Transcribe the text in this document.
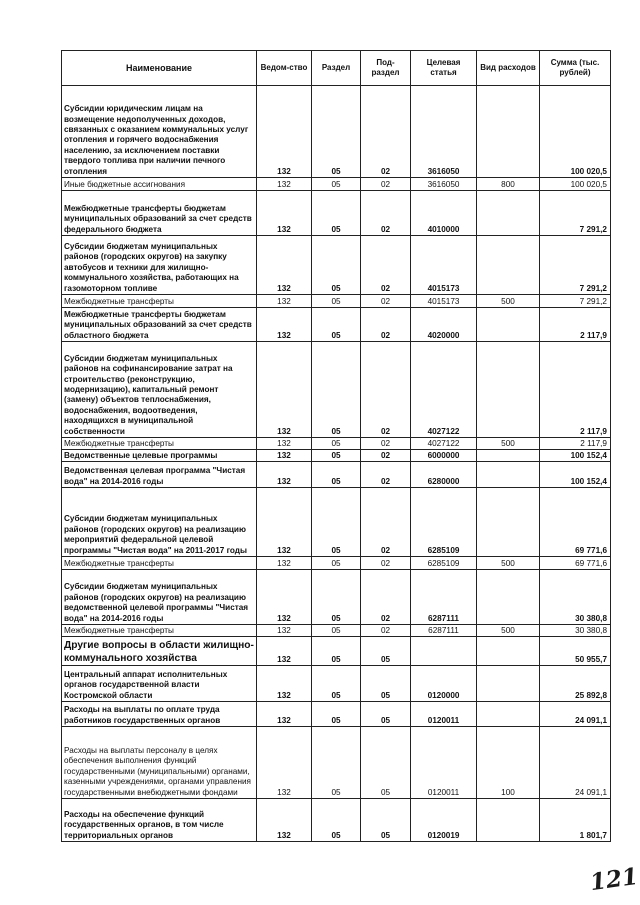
Наименование	Ведом-ство	Раздел	Под-раздел	Целевая статья	Вид расходов	Сумма (тыс. рублей)
Субсидии юридическим лицам на возмещение недополученных доходов, связанных с оказанием коммунальных услуг отопления и горячего водоснабжения населению, за исключением поставки твердого топлива при наличии печного отопления	132	05	02	3616050		100 020,5
Иные бюджетные ассигнования	132	05	02	3616050	800	100 020,5
Межбюджетные трансферты бюджетам муниципальных образований за счет средств федерального бюджета	132	05	02	4010000		7 291,2
Субсидии бюджетам муниципальных районов (городских округов) на закупку автобусов и техники для жилищно-коммунального хозяйства, работающих на газомоторном топливе	132	05	02	4015173		7 291,2
Межбюджетные трансферты	132	05	02	4015173	500	7 291,2
Межбюджетные трансферты бюджетам муниципальных образований за счет средств областного бюджета	132	05	02	4020000		2 117,9
Субсидии бюджетам муниципальных районов на софинансирование затрат на строительство (реконструкцию, модернизацию), капитальный ремонт (замену) объектов теплоснабжения, водоснабжения, водоотведения, находящихся в муниципальной собственности	132	05	02	4027122		2 117,9
Межбюджетные трансферты	132	05	02	4027122	500	2 117,9
Ведомственные целевые программы	132	05	02	6000000		100 152,4
Ведомственная целевая программа "Чистая вода" на 2014-2016 годы	132	05	02	6280000		100 152,4
Субсидии бюджетам муниципальных районов (городских округов) на реализацию мероприятий федеральной целевой программы "Чистая вода" на 2011-2017 годы	132	05	02	6285109		69 771,6
Межбюджетные трансферты	132	05	02	6285109	500	69 771,6
Субсидии бюджетам муниципальных районов (городских округов) на реализацию ведомственной целевой программы "Чистая вода" на 2014-2016 годы	132	05	02	6287111		30 380,8
Межбюджетные трансферты	132	05	02	6287111	500	30 380,8
Другие вопросы в области жилищно-коммунального хозяйства	132	05	05			50 955,7
Центральный аппарат исполнительных органов государственной власти Костромской области	132	05	05	0120000		25 892,8
Расходы на выплаты по оплате труда работников государственных органов	132	05	05	0120011		24 091,1
Расходы на выплаты персоналу в целях обеспечения выполнения функций государственными (муниципальными) органами, казенными учреждениями, органами управления государственными внебюджетными фондами	132	05	05	0120011	100	24 091,1
Расходы на обеспечение функций государственных органов, в том числе территориальных органов	132	05	05	0120019		1 801,7
121
